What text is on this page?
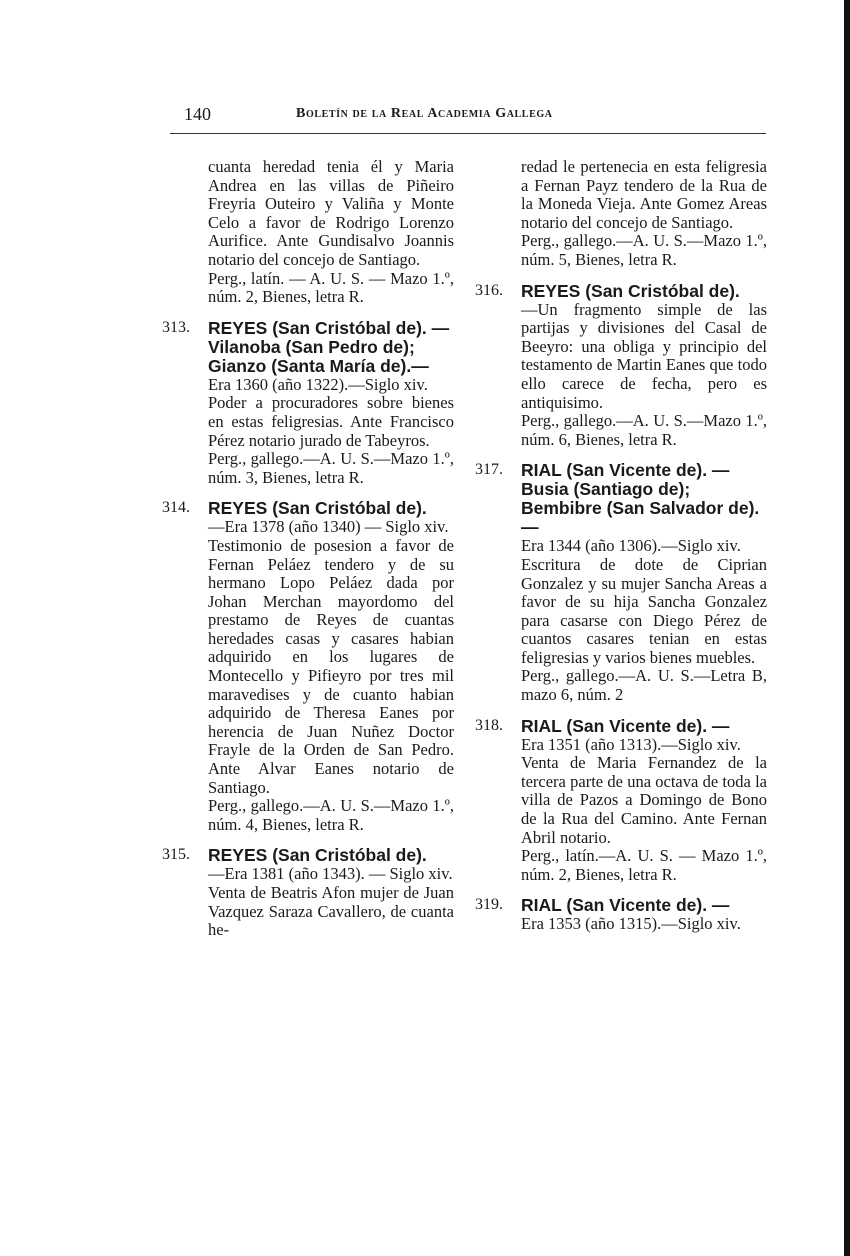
140	Boletín de la Real Academia Gallega

cuanta heredad tenia él y Maria Andrea en las villas de Piñeiro Freyria Outeiro y Valiña y Monte Celo a favor de Rodrigo Lorenzo Aurifice. Ante Gundisalvo Joannis notario del concejo de Santiago.

Perg., latín. — A. U. S. — Mazo 1.º, núm. 2, Bienes, letra R.

313. REYES (San Cristóbal de). —Vilanoba (San Pedro de); Gianzo (Santa María de).—

Era 1360 (año 1322).—Siglo xiv.

Poder a procuradores sobre bienes en estas feligresias. Ante Francisco Pérez notario jurado de Tabeyros.

Perg., gallego.—A. U. S.—Mazo 1.º, núm. 3, Bienes, letra R.

314. REYES (San Cristóbal de).

—Era 1378 (año 1340) — Siglo xiv.

Testimonio de posesion a favor de Fernan Peláez tendero y de su hermano Lopo Peláez dada por Johan Merchan mayordomo del prestamo de Reyes de cuantas heredades casas y casares habian adquirido en los lugares de Montecello y Pifieyro por tres mil maravedises y de cuanto habian adquirido de Theresa Eanes por herencia de Juan Nuñez Doctor Frayle de la Orden de San Pedro. Ante Alvar Eanes notario de Santiago.

Perg., gallego.—A. U. S.—Mazo 1.º, núm. 4, Bienes, letra R.

315. REYES (San Cristóbal de).

—Era 1381 (año 1343). — Siglo xiv.

Venta de Beatris Afon mujer de Juan Vazquez Saraza Cavallero, de cuanta he-

redad le pertenecia en esta feligresia a Fernan Payz tendero de la Rua de la Moneda Vieja. Ante Gomez Areas notario del concejo de Santiago.

Perg., gallego.—A. U. S.—Mazo 1.º, núm. 5, Bienes, letra R.

316. REYES (San Cristóbal de).

—Un fragmento simple de las partijas y divisiones del Casal de Beeyro: una obliga y principio del testamento de Martin Eanes que todo ello carece de fecha, pero es antiquisimo.

Perg., gallego.—A. U. S.—Mazo 1.º, núm. 6, Bienes, letra R.

317. RIAL (San Vicente de). — Busia (Santiago de); Bembibre (San Salvador de). —

Era 1344 (año 1306).—Siglo xiv.

Escritura de dote de Ciprian Gonzalez y su mujer Sancha Areas a favor de su hija Sancha Gonzalez para casarse con Diego Pérez de cuantos casares tenian en estas feligresias y varios bienes muebles.

Perg., gallego.—A. U. S.—Letra B, mazo 6, núm. 2

318. RIAL (San Vicente de). —

Era 1351 (año 1313).—Siglo xiv.

Venta de Maria Fernandez de la tercera parte de una octava de toda la villa de Pazos a Domingo de Bono de la Rua del Camino. Ante Fernan Abril notario.

Perg., latín.—A. U. S. — Mazo 1.º, núm. 2, Bienes, letra R.

319. RIAL (San Vicente de). —

Era 1353 (año 1315).—Siglo xiv.
